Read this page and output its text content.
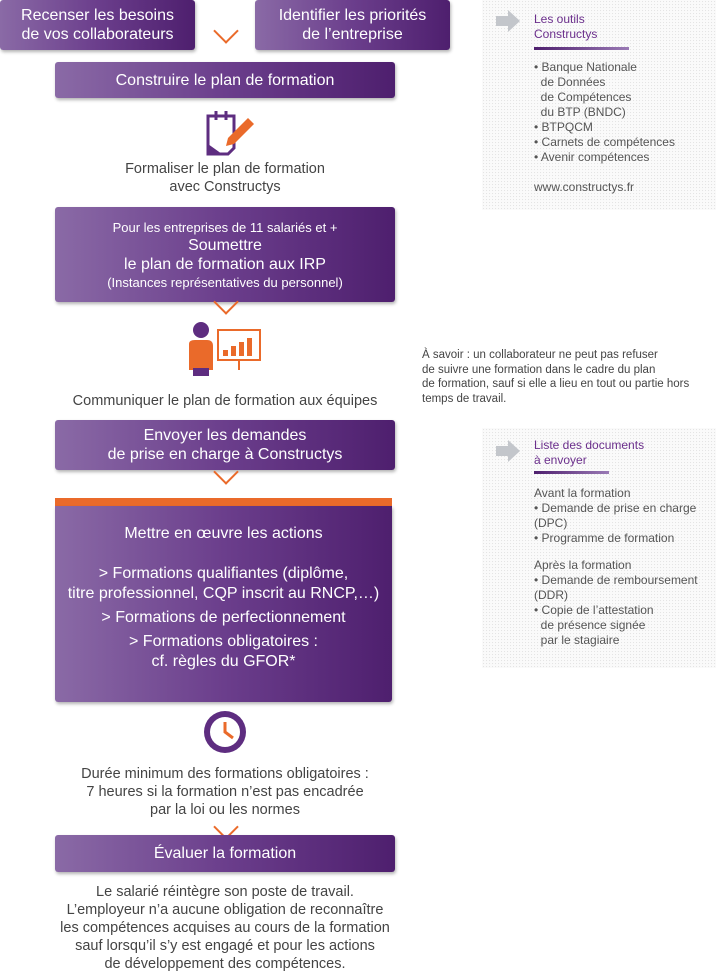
Recenser les besoins
de vos collaborateurs
Identifier les priorités
de l’entreprise
Construire le plan de formation
Formaliser le plan de formation
avec Constructys
Pour les entreprises de 11 salariés et +
Soumettre
le plan de formation aux IRP
(Instances représentatives du personnel)
Communiquer le plan de formation aux équipes
Envoyer les demandes
de prise en charge à Constructys
Mettre en œuvre les actions
> Formations qualifiantes (diplôme,
titre professionnel, CQP inscrit au RNCP,…)
> Formations de perfectionnement
> Formations obligatoires :
cf. règles du GFOR*
Durée minimum des formations obligatoires :
7 heures si la formation n’est pas encadrée
par la loi ou les normes
Évaluer la formation
Le salarié réintègre son poste de travail.
L’employeur n’a aucune obligation de reconnaître
les compétences acquises au cours de la formation
sauf lorsqu’il s’y est engagé et pour les actions
de développement des compétences.
Les outils
Constructys
• Banque Nationale
de Données
de Compétences
du BTP (BNDC)
• BTPQCM
• Carnets de compétences
• Avenir compétences
www.constructys.fr
À savoir : un collaborateur ne peut pas refuser
de suivre une formation dans le cadre du plan
de formation, sauf si elle a lieu en tout ou partie hors
temps de travail.
Liste des documents
à envoyer
Avant la formation
• Demande de prise en charge
(DPC)
• Programme de formation
Après la formation
• Demande de remboursement
(DDR)
• Copie de l’attestation
de présence signée
par le stagiaire
